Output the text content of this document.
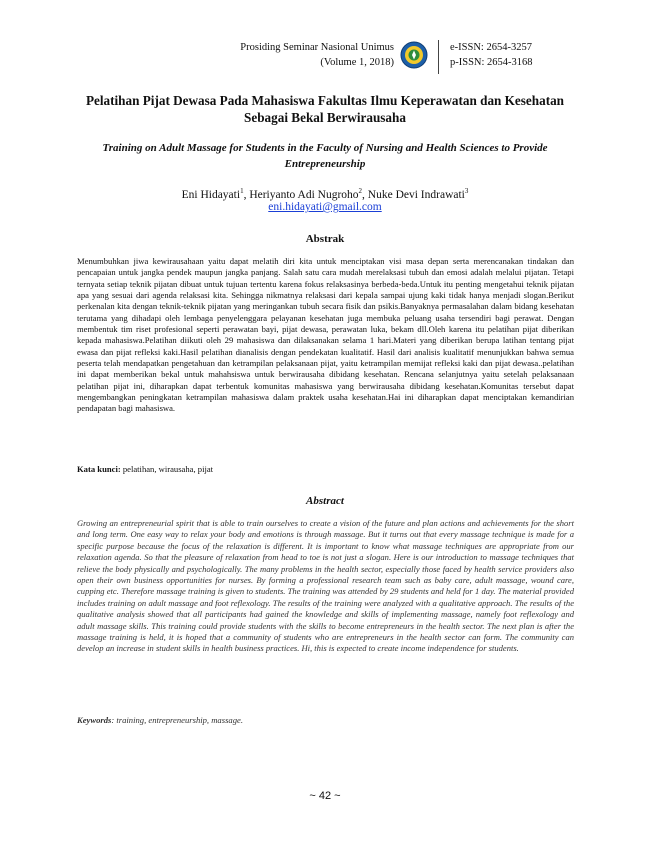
Prosiding Seminar Nasional Unimus
(Volume 1, 2018)
e-ISSN: 2654-3257
p-ISSN: 2654-3168
Pelatihan Pijat Dewasa Pada Mahasiswa Fakultas Ilmu Keperawatan dan Kesehatan Sebagai Bekal Berwirausaha
Training on Adult Massage for Students in the Faculty of Nursing and Health Sciences to Provide Entrepreneurship
Eni Hidayati$^1$, Heriyanto Adi Nugroho$^2$, Nuke Devi Indrawati$^3$
eni.hidayati@gmail.com
Abstrak

Menumbuhkan jiwa kewirausahaan yaitu dapat melatih diri kita untuk menciptakan visi masa depan serta merencanakan tindakan dan pencapaian untuk jangka pendek maupun jangka panjang. Salah satu cara mudah merelaksasi tubuh dan emosi adalah melalui pijatan. Tetapi ternyata setiap teknik pijatan dibuat untuk tujuan tertentu karena fokus relaksasinya berbeda-beda.Untuk itu penting mengetahui teknik pijatan apa yang sesuai dari agenda relaksasi kita. Sehingga nikmatnya relaksasi dari kepala sampai ujung kaki tidak hanya menjadi slogan.Berikut perkenalan kita dengan teknik-teknik pijatan yang meringankan tubuh secara fisik dan psikis.Banyaknya permasalahan dalam bidang kesehatan terutama yang dihadapi oleh lembaga penyelenggara pelayanan kesehatan juga membuka peluang usaha tersendiri bagi perawat. Dengan membentuk tim riset profesional seperti perawatan bayi, pijat dewasa, perawatan luka, bekam dll.Oleh karena itu pelatihan pijat diberikan kepada mahasiswa.Pelatihan diikuti oleh 29 mahasiswa dan dilaksanakan selama 1 hari.Materi yang diberikan berupa latihan tentang pijat ewasa dan pijat refleksi kaki.Hasil pelatihan dianalisis dengan pendekatan kualitatif. Hasil dari analisis kualitatif menunjukkan bahwa semua peserta telah mendapatkan pengetahuan dan ketrampilan pelaksanaan pijat, yaitu ketrampilan memijat refleksi kaki dan pijat dewasa..pelatihan ini dapat memberikan bekal untuk mahahsiswa untuk berwirausaha dibidang kesehatan. Rencana selanjutnya yaitu setelah pelaksanaan pelatihan pijat ini, diharapkan dapat terbentuk komunitas mahasiswa yang berwirausaha dibidang kesehatan.Komunitas tersebut dapat mengembangkan peningkatan ketrampilan mahasiswa dalam praktek usaha kesehatan.Hai ini diharapkan dapat menciptakan kemandirian pendapatan bagi mahasiswa.

Kata kunci: pelatihan, wirausaha, pijat
Abstract

Growing an entrepreneurial spirit that is able to train ourselves to create a vision of the future and plan actions and achievements for the short and long term. One easy way to relax your body and emotions is through massage. But it turns out that every massage technique is made for a specific purpose because the focus of the relaxation is different. It is important to know what massage techniques are appropriate from our relaxation agenda. So that the pleasure of relaxation from head to toe is not just a slogan. Here is our introduction to massage techniques that relieve the body physically and psychologically. The many problems in the health sector, especially those faced by health service providers also open their own business opportunities for nurses. By forming a professional research team such as baby care, adult massage, wound care, cupping etc. Therefore massage training is given to students. The training was attended by 29 students and held for 1 day. The material provided includes training on adult massage and foot reflexology. The results of the training were analyzed with a qualitative approach. The results of the qualitative analysis showed that all participants had gained the knowledge and skills of implementing massage, namely foot reflexology and adult massage skills. This training could provide students with the skills to become entrepreneurs in the health sector. The next plan is after the massage training is held, it is hoped that a community of students who are entrepreneurs in the health sector can form. The community can develop an increase in student skills in health business practices. Hi, this is expected to create income independence for students.

Keywords: training, entrepreneurship, massage.
~ 42 ~
